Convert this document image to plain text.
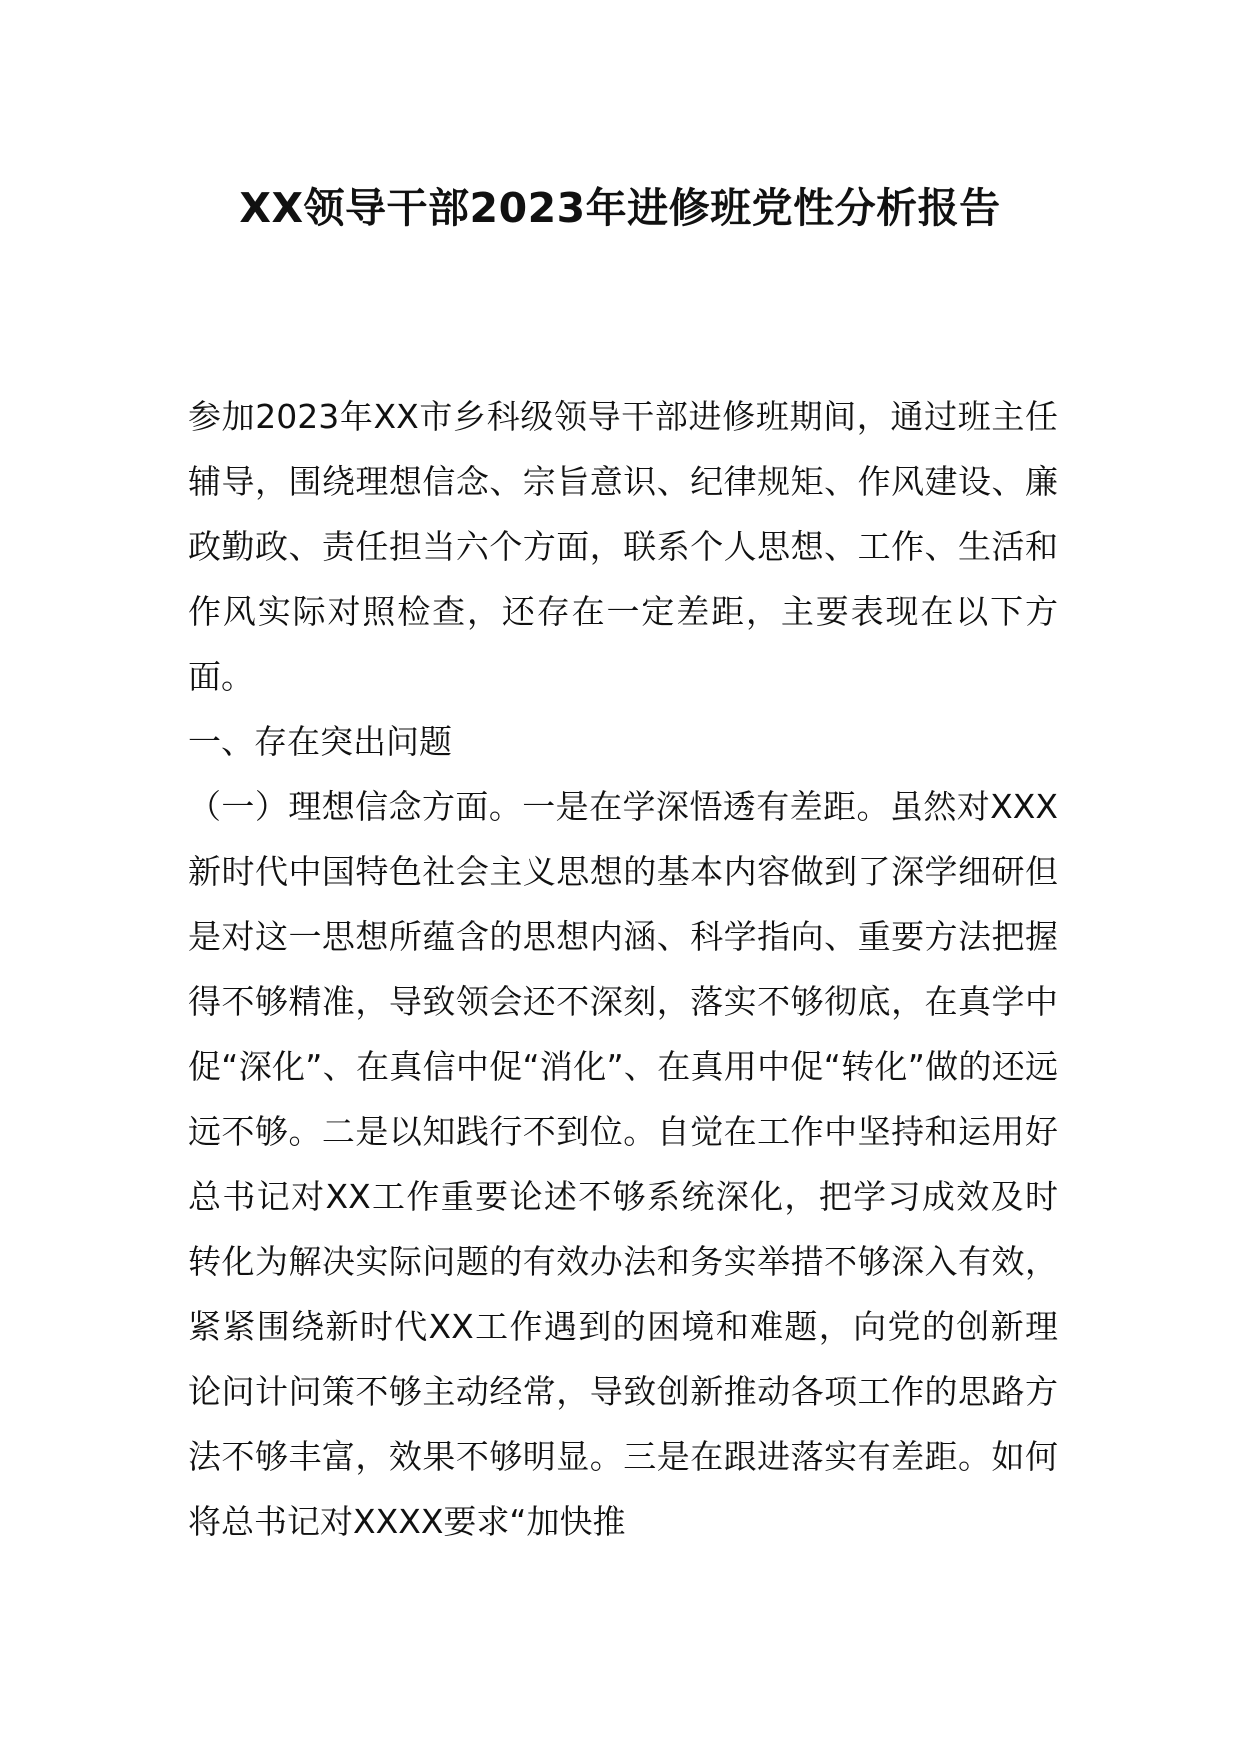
XX领导干部2023年进修班党性分析报告

参加2023年XX市乡科级领导干部进修班期间，通过班主任辅导，围绕理想信念、宗旨意识、纪律规矩、作风建设、廉政勤政、责任担当六个方面，联系个人思想、工作、生活和作风实际对照检查，还存在一定差距，主要表现在以下方面。

一、存在突出问题

（一）理想信念方面。一是在学深悟透有差距。虽然对XXX新时代中国特色社会主义思想的基本内容做到了深学细研但是对这一思想所蕴含的思想内涵、科学指向、重要方法把握得不够精准，导致领会还不深刻，落实不够彻底，在真学中促“深化”、在真信中促“消化”、在真用中促“转化”做的还远远不够。二是以知践行不到位。自觉在工作中坚持和运用好总书记对XX工作重要论述不够系统深化，把学习成效及时转化为解决实际问题的有效办法和务实举措不够深入有效，紧紧围绕新时代XX工作遇到的困境和难题，向党的创新理论问计问策不够主动经常，导致创新推动各项工作的思路方法不够丰富，效果不够明显。三是在跟进落实有差距。如何将总书记对XXXX要求“加快推
